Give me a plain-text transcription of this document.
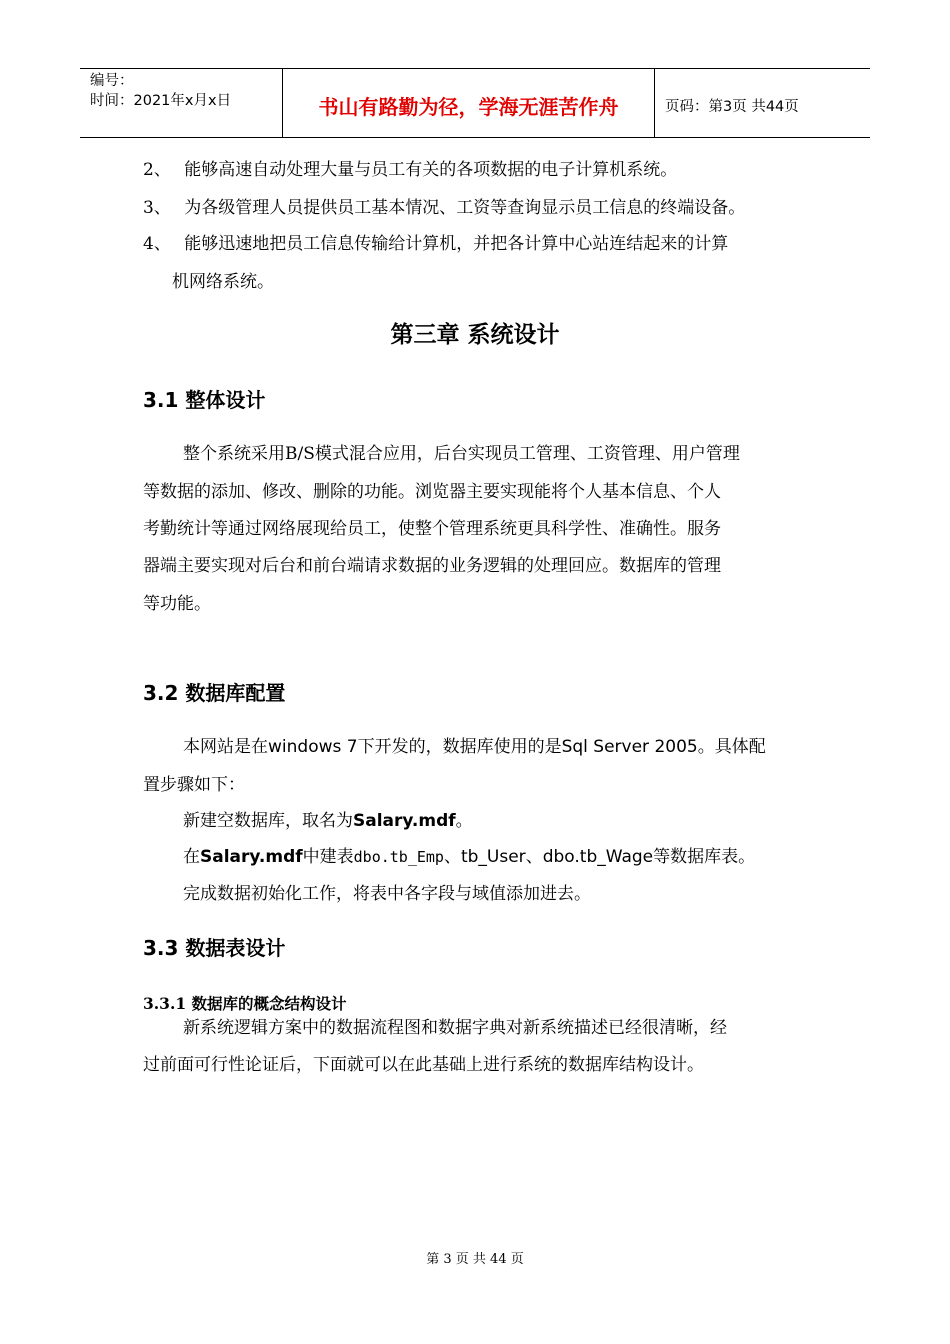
编号：
时间：2021年x月x日	书山有路勤为径，学海无涯苦作舟	页码：第3页 共44页
2、 能够高速自动处理大量与员工有关的各项数据的电子计算机系统。
3、 为各级管理人员提供员工基本情况、工资等查询显示员工信息的终端设备。
4、 能够迅速地把员工信息传输给计算机，并把各计算中心站连结起来的计算
机网络系统。
第三章 系统设计
3.1 整体设计
整个系统采用B/S模式混合应用，后台实现员工管理、工资管理、用户管理
等数据的添加、修改、删除的功能。浏览器主要实现能将个人基本信息、个人
考勤统计等通过网络展现给员工，使整个管理系统更具科学性、准确性。服务
器端主要实现对后台和前台端请求数据的业务逻辑的处理回应。数据库的管理
等功能。
3.2 数据库配置
本网站是在windows 7下开发的，数据库使用的是Sql Server 2005。具体配
置步骤如下：
新建空数据库，取名为Salary.mdf。
在Salary.mdf中建表dbo.tb_Emp、tb_User、dbo.tb_Wage等数据库表。
完成数据初始化工作，将表中各字段与域值添加进去。
3.3 数据表设计
3.3.1 数据库的概念结构设计
新系统逻辑方案中的数据流程图和数据字典对新系统描述已经很清晰，经
过前面可行性论证后，下面就可以在此基础上进行系统的数据库结构设计。
第 3 页 共 44 页
